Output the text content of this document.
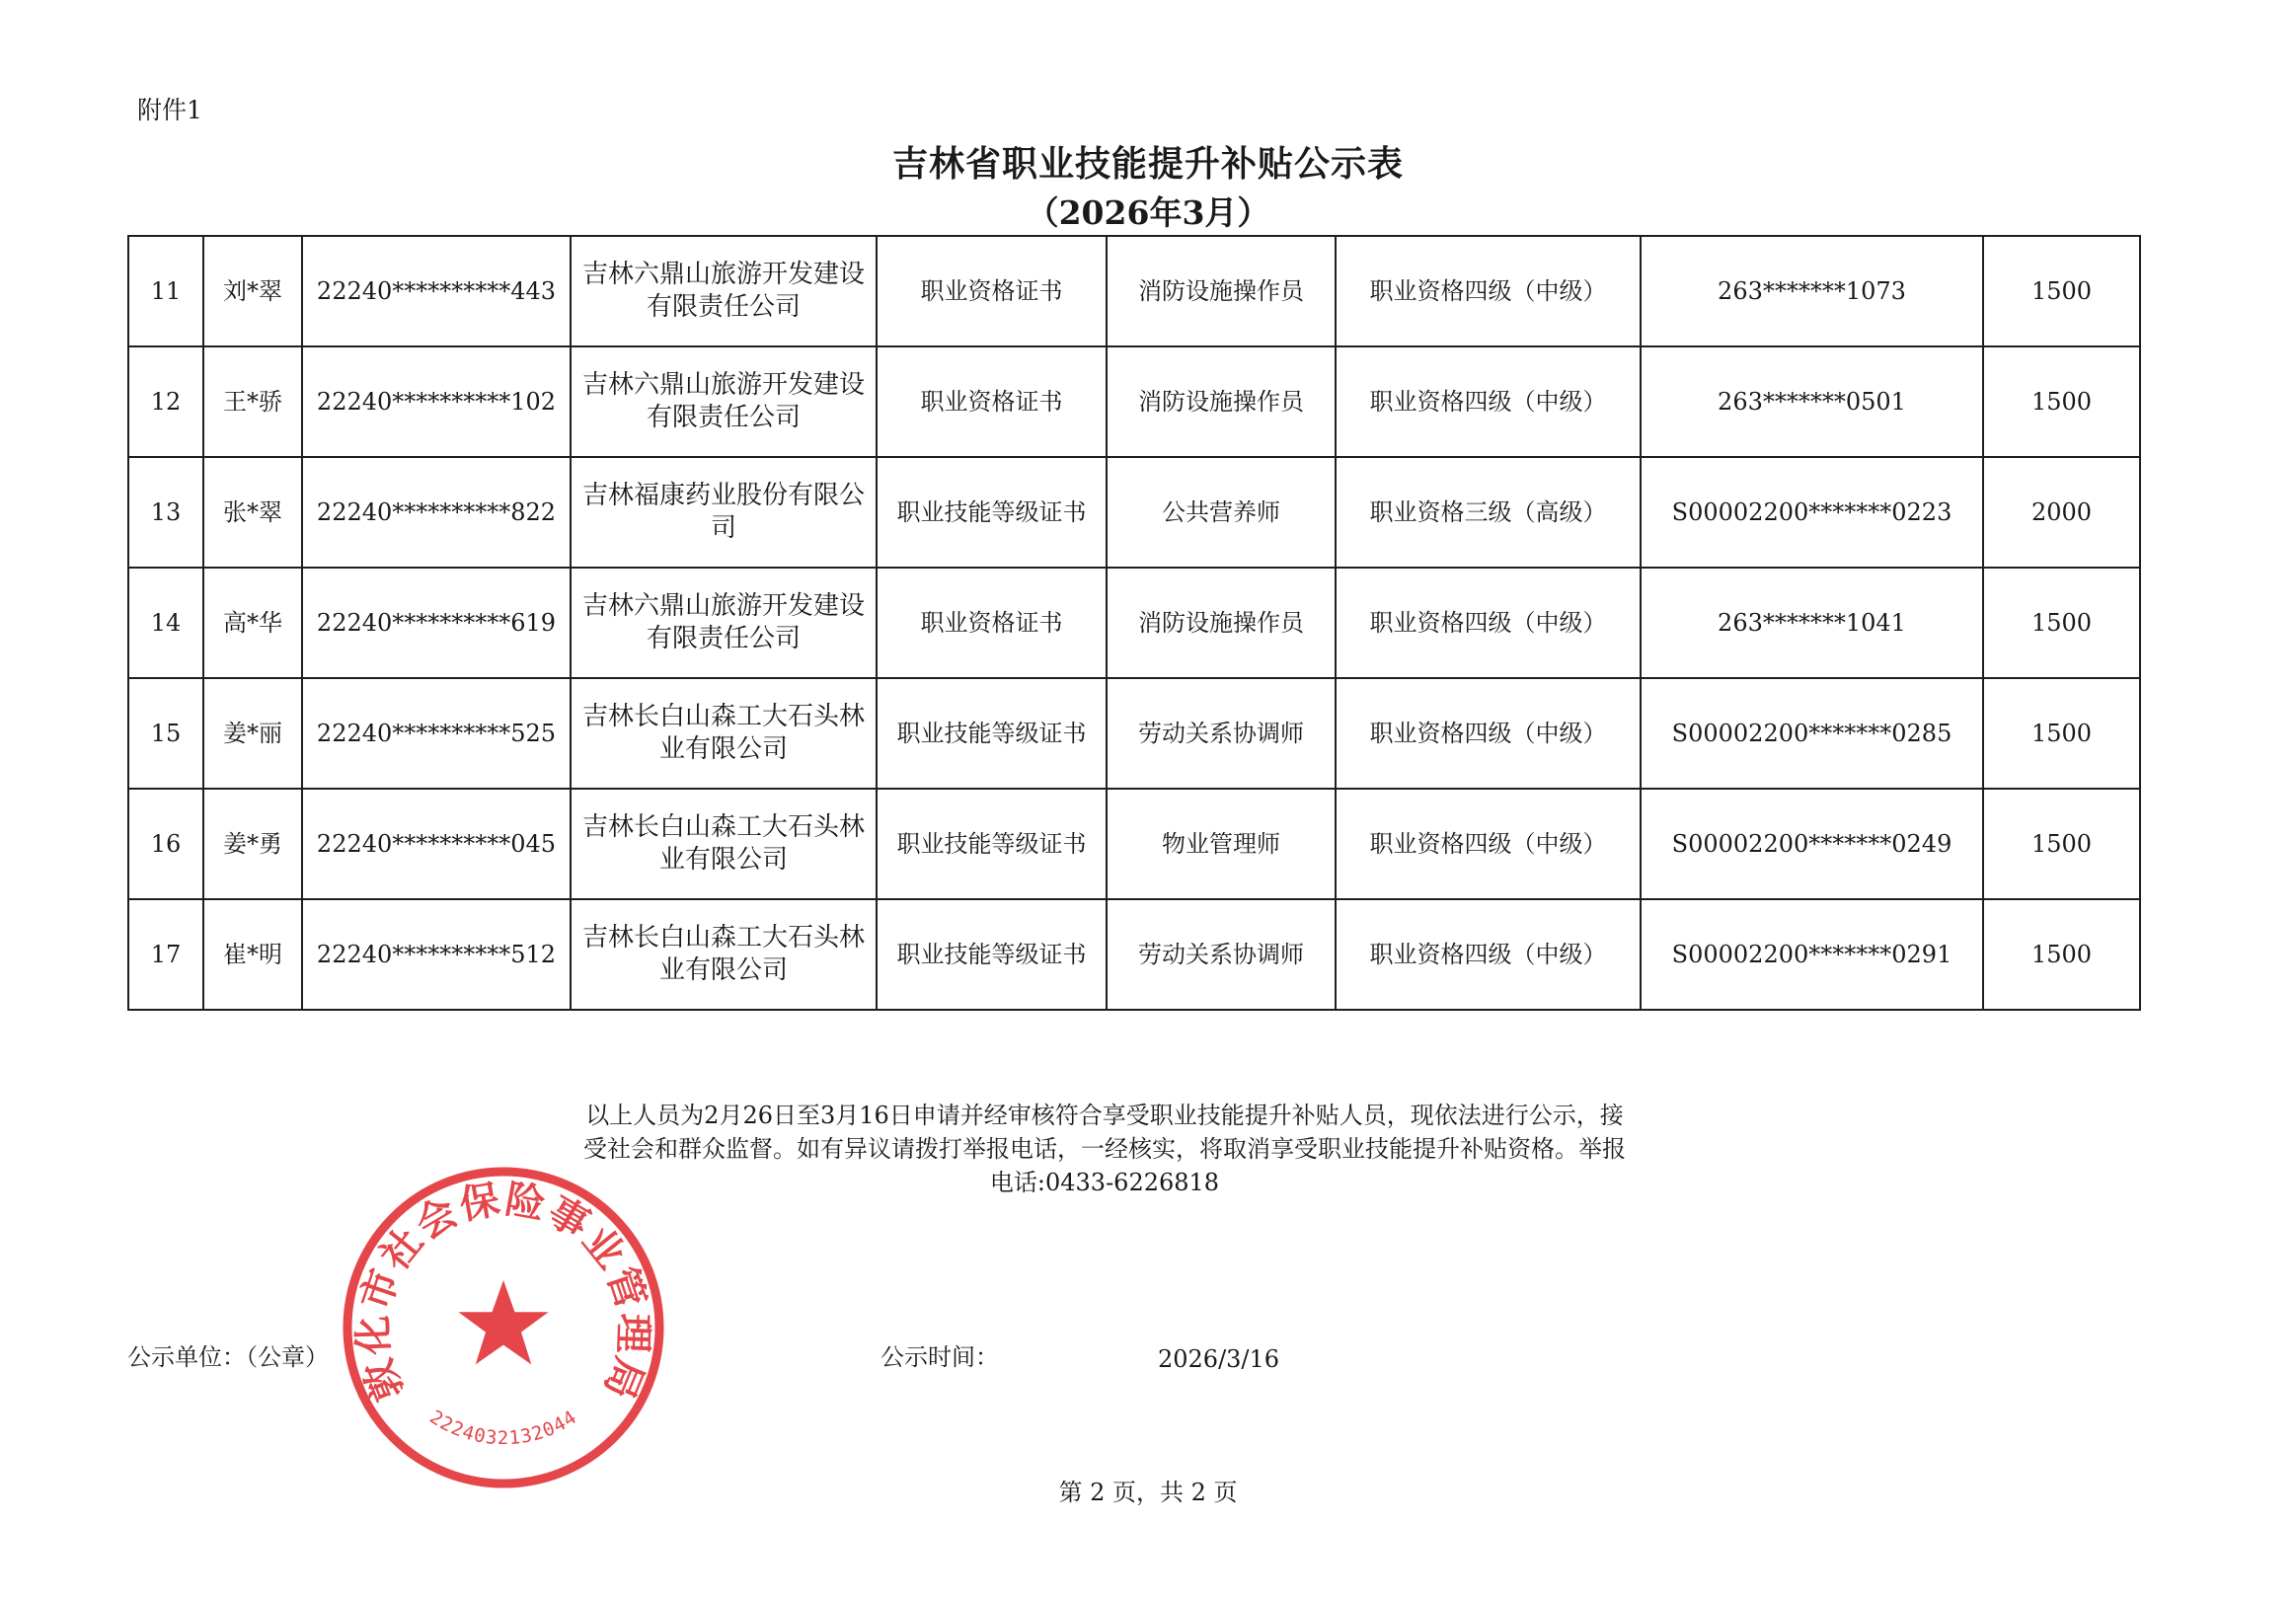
附件1
吉林省职业技能提升补贴公示表
（2026年3月）
11	刘*翠	22240**********443	吉林六鼎山旅游开发建设有限责任公司	职业资格证书	消防设施操作员	职业资格四级（中级）	263*******1073	1500
12	王*骄	22240**********102	吉林六鼎山旅游开发建设有限责任公司	职业资格证书	消防设施操作员	职业资格四级（中级）	263*******0501	1500
13	张*翠	22240**********822	吉林福康药业股份有限公司	职业技能等级证书	公共营养师	职业资格三级（高级）	S00002200*******0223	2000
14	高*华	22240**********619	吉林六鼎山旅游开发建设有限责任公司	职业资格证书	消防设施操作员	职业资格四级（中级）	263*******1041	1500
15	姜*丽	22240**********525	吉林长白山森工大石头林业有限公司	职业技能等级证书	劳动关系协调师	职业资格四级（中级）	S00002200*******0285	1500
16	姜*勇	22240**********045	吉林长白山森工大石头林业有限公司	职业技能等级证书	物业管理师	职业资格四级（中级）	S00002200*******0249	1500
17	崔*明	22240**********512	吉林长白山森工大石头林业有限公司	职业技能等级证书	劳动关系协调师	职业资格四级（中级）	S00002200*******0291	1500
以上人员为2月26日至3月16日申请并经审核符合享受职业技能提升补贴人员，现依法进行公示，接受社会和群众监督。如有异议请拨打举报电话，一经核实，将取消享受职业技能提升补贴资格。举报电话:0433-6226818
公示单位：（公章）	公示时间：	2026/3/16
第 2 页，共 2 页
敦化市社会保险事业管理局
2224032132044
